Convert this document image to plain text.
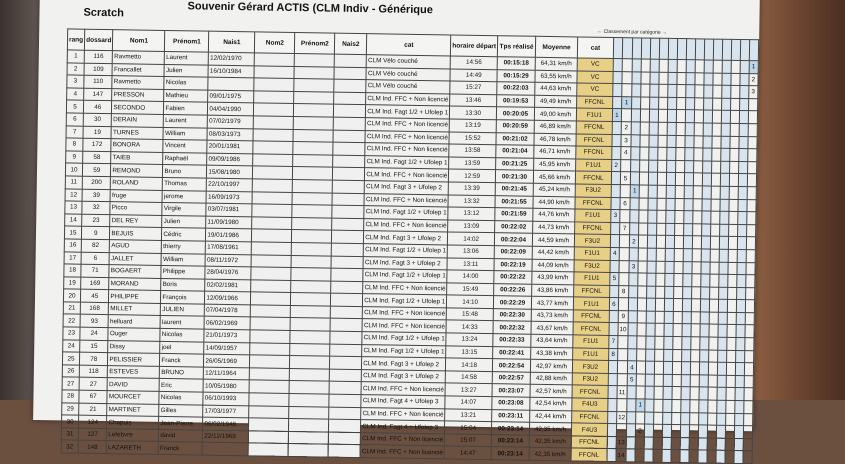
Scratch	Souvenir Gérard ACTIS (CLM Indiv - Générique
← Classement par catégorie →
rang	dossard	Nom1	Prénom1	Nais1	Nom2	Prénom2	Nais2	cat	horaire départ	Tps réalisé	Moyenne	cat																
1	116	Ravmetto	Laurent	12/02/1970				CLM Vélo couché	14:56	00:15:18	64,31 km/h	VC																1
2	109	Francallet	Julien	16/10/1984				CLM Vélo couché	14:49	00:15:29	63,55 km/h	VC																2
3	110	Ravmetto	Nicolas					CLM Vélo couché	15:27	00:22:03	44,63 km/h	VC																3
4	147	PRESSON	Mathieu	09/01/1975				CLM Ind. FFC + Non licencié	13:46	00:19:53	49,49 km/h	FFCNL		1														
5	46	SECONDO	Fabien	04/04/1990				CLM Ind. Fagt 1/2 + Ufolep 1	13:30	00:20:05	49,00 km/h	F1U1	1															
6	30	DERAIN	Laurent	07/02/1979				CLM Ind. FFC + Non licencié	13:19	00:20:59	46,89 km/h	FFCNL		2														
7	19	TURNES	William	08/03/1973				CLM Ind. FFC + Non licencié	15:52	00:21:02	46,78 km/h	FFCNL		3														
8	172	BONORA	Vincent	20/01/1981				CLM Ind. FFC + Non licencié	13:58	00:21:04	46,71 km/h	FFCNL		4														
9	58	TAIEB	Raphaël	09/09/1986				CLM Ind. Fagt 1/2 + Ufolep 1	13:59	00:21:25	45,95 km/h	F1U1	2															
10	59	REMOND	Bruno	15/08/1980				CLM Ind. FFC + Non licencié	12:59	00:21:30	45,66 km/h	FFCNL		5														
11	200	ROLAND	Thomas	22/10/1997				CLM Ind. Fagt 3 + Ufolep 2	13:39	00:21:45	45,24 km/h	F3U2			1													
12	39	fruge	jerome	16/09/1973				CLM Ind. FFC + Non licencié	13:32	00:21:55	44,90 km/h	FFCNL		6														
13	32	Picco	Virgile	03/07/1981				CLM Ind. Fagt 1/2 + Ufolep 1	13:12	00:21:59	44,76 km/h	F1U1	3															
14	23	DEL REY	Julien	11/09/1980				CLM Ind. FFC + Non licencié	13:09	00:22:02	44,73 km/h	FFCNL		7														
15	9	BEJUIS	Cédric	19/01/1986				CLM Ind. Fagt 3 + Ufolep 2	14:02	00:22:04	44,59 km/h	F3U2			2													
16	82	AGUD	thierry	17/08/1961				CLM Ind. Fagt 1/2 + Ufolep 1	13:06	00:22:09	44,42 km/h	F1U1	4															
17	6	JALLET	William	08/11/1972				CLM Ind. Fagt 3 + Ufolep 2	13:11	00:22:19	44,09 km/h	F3U2			3													
18	71	BOGAERT	Philippe	28/04/1976				CLM Ind. Fagt 1/2 + Ufolep 1	14:00	00:22:22	43,99 km/h	F1U1	5															
19	169	MORAND	Boris	02/02/1981				CLM Ind. FFC + Non licencié	15:49	00:22:26	43,86 km/h	FFCNL		8														
20	45	PHILIPPE	François	12/09/1966				CLM Ind. Fagt 1/2 + Ufolep 1	14:10	00:22:29	43,77 km/h	F1U1	6															
21	168	MILLET	JULIEN	07/04/1978				CLM Ind. FFC + Non licencié	15:48	00:22:30	43,73 km/h	FFCNL		9														
22	93	helluard	laurent	06/02/1969				CLM Ind. FFC + Non licencié	14:33	00:22:32	43,67 km/h	FFCNL		10														
23	24	Ouger	Nicolas	21/01/1973				CLM Ind. Fagt 1/2 + Ufolep 1	13:24	00:22:33	43,64 km/h	F1U1	7															
24	15	Dissy	joel	14/09/1957				CLM Ind. Fagt 1/2 + Ufolep 1	13:15	00:22:41	43,38 km/h	F1U1	8															
25	78	PELISSIER	Franck	26/05/1969				CLM Ind. Fagt 3 + Ufolep 2	14:18	00:22:54	42,97 km/h	F3U2			4													
26	118	ESTEVES	BRUNO	12/11/1964				CLM Ind. Fagt 3 + Ufolep 2	14:58	00:22:57	42,88 km/h	F3U2			5													
27	27	DAVID	Eric	10/05/1980				CLM Ind. FFC + Non licencié	13:27	00:23:07	42,57 km/h	FFCNL		11														
28	67	MOURCET	Nicolas	06/10/1993				CLM Ind. Fagt 4 + Ufolep 3	14:07	00:23:08	42,54 km/h	F4U3				1												
29	21	MARTINET	Gilles	17/03/1977				CLM Ind. FFC + Non licencié	13:21	00:23:11	42,44 km/h	FFCNL		12														
30	124	Chapuis	Jean-Pierre	06/02/1948				CLM Ind. Fagt 4 + Ufolep 3	15:04	00:23:14	42,35 km/h	F4U3				2												
31	127	Lefebvre	david	22/12/1969				CLM Ind. FFC + Non licencié	15:07	00:23:14	42,35 km/h	FFCNL		13														
32	148	LAZARETH	Franck					CLM Ind. FFC + Non licencié	14:47	00:23:14	42,35 km/h	FFCNL		14														
